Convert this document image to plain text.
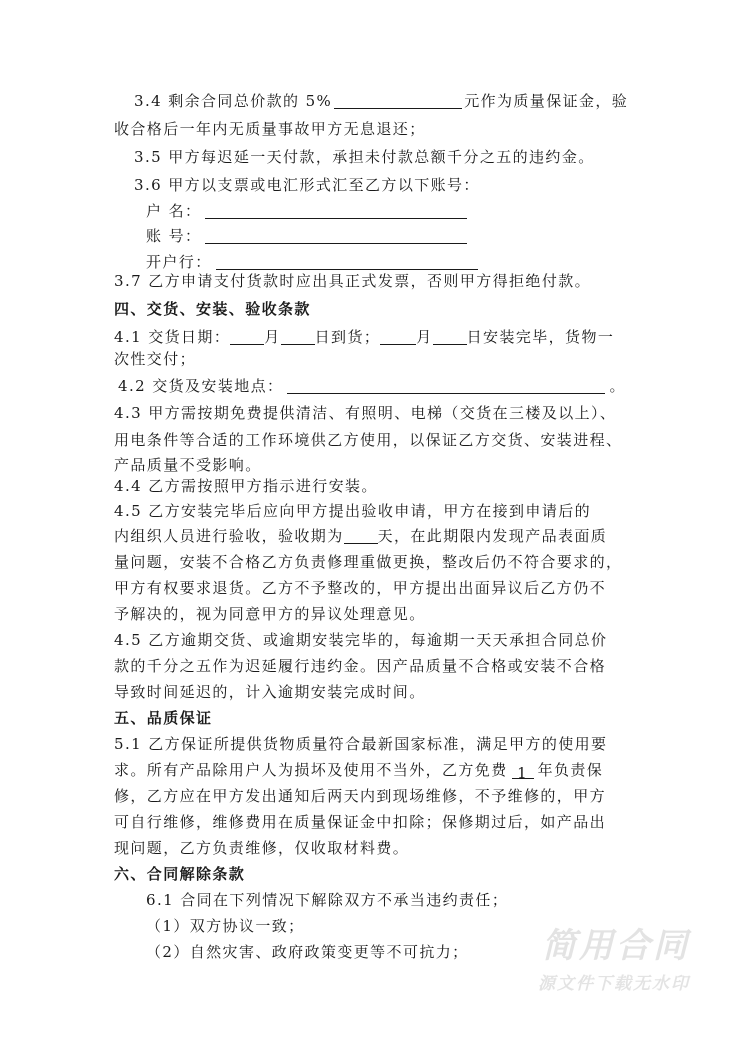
3.4 剩余合同总价款的 5%	元作为质量保证金，验
收合格后一年内无质量事故甲方无息退还；
3.5 甲方每迟延一天付款，承担未付款总额千分之五的违约金。
3.6 甲方以支票或电汇形式汇至乙方以下账号：
户 名：
账 号：
开户行：
3.7 乙方申请支付货款时应出具正式发票，否则甲方得拒绝付款。
四、交货、安装、验收条款
4.1 交货日期： 月 日到货； 月 日安装完毕，货物一
次性交付；
4.2 交货及安装地点：	。
4.3 甲方需按期免费提供清洁、有照明、电梯（交货在三楼及以上）、
用电条件等合适的工作环境供乙方使用，以保证乙方交货、安装进程、
产品质量不受影响。
4.4 乙方需按照甲方指示进行安装。
4.5 乙方安装完毕后应向甲方提出验收申请，甲方在接到申请后的
内组织人员进行验收，验收期为 天，在此期限内发现产品表面质
量问题，安装不合格乙方负责修理重做更换，整改后仍不符合要求的，
甲方有权要求退货。乙方不予整改的，甲方提出出面异议后乙方仍不
予解决的，视为同意甲方的异议处理意见。
4.5 乙方逾期交货、或逾期安装完毕的，每逾期一天天承担合同总价
款的千分之五作为迟延履行违约金。因产品质量不合格或安装不合格
导致时间延迟的，计入逾期安装完成时间。
五、品质保证
5.1 乙方保证所提供货物质量符合最新国家标准，满足甲方的使用要
求。所有产品除用户人为损坏及使用不当外，乙方免费 1 年负责保
修，乙方应在甲方发出通知后两天内到现场维修，不予维修的，甲方
可自行维修，维修费用在质量保证金中扣除；保修期过后，如产品出
现问题，乙方负责维修，仅收取材料费。
六、合同解除条款
6.1 合同在下列情况下解除双方不承当违约责任；
（1）双方协议一致；
（2）自然灾害、政府政策变更等不可抗力； 简用合同
源文件下载无水印
